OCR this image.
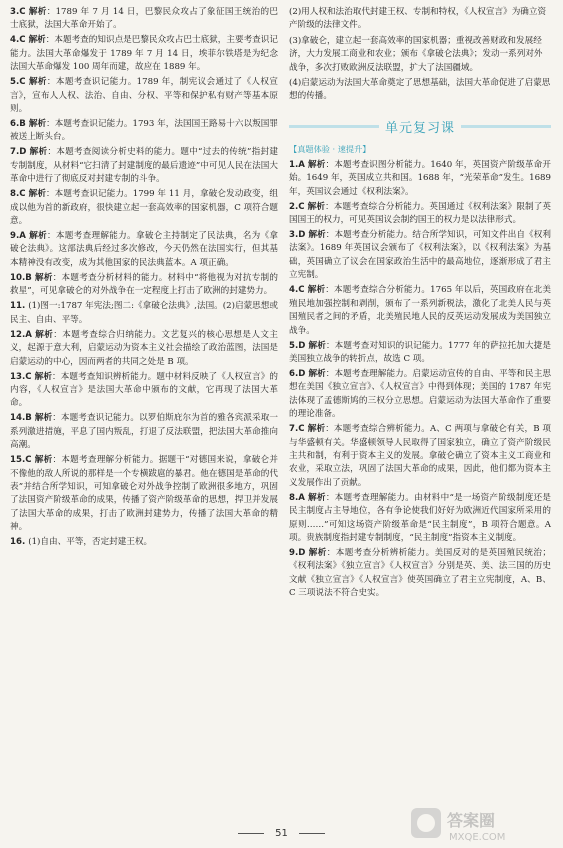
3.C 解析：1789 年 7 月 14 日，巴黎民众攻占了象征国王统治的巴士底狱，法国大革命开始了。
4.C 解析：本题考查的知识点是巴黎民众攻占巴士底狱，主要考查识记能力。法国大革命爆发于 1789 年 7 月 14 日，埃菲尔铁塔是为纪念法国大革命爆发 100 周年而建，故应在 1889 年。
5.C 解析：本题考查识记能力。1789 年，制宪议会通过了《人权宣言》，宣布人人权、法治、自由、分权、平等和保护私有财产等基本原则。
6.B 解析：本题考查识记能力。1793 年，法国国王路易十六以叛国罪被送上断头台。
7.D 解析：本题考查阅读分析史料的能力。题中“过去的传统”指封建专制制度，从材料“它扫清了封建制度的最后遗迹”中可见人民在法国大革命中进行了彻底反对封建专制的斗争。
8.C 解析：本题考查识记能力。1799 年 11 月，拿破仑发动政变，组成以他为首的新政府，很快建立起一套高效率的国家机器，C 项符合题意。
9.A 解析：本题考查理解能力。拿破仑主持制定了民法典，名为《拿破仑法典》。这部法典后经过多次修改，今天仍然在法国实行，但其基本精神没有改变，成为其他国家的民法典蓝本。A 项正确。
10.B 解析：本题考查分析材料的能力。材料中“将他视为对抗专制的救星”，可见拿破仑的对外战争在一定程度上打击了欧洲的封建势力。
11. (1)图一:1787 年宪法;图二:《拿破仑法典》,法国。(2)启蒙思想或民主、自由、平等。
12.A 解析：本题考查综合归纳能力。文艺复兴的核心思想是人文主义，起源于意大利，启蒙运动为资本主义社会描绘了政治蓝图，法国是启蒙运动的中心，因而两者的共同之处是 B 项。
13.C 解析：本题考查知识辨析能力。题中材料反映了《人权宣言》的内容，《人权宣言》是法国大革命中颁布的文献，它再现了法国大革命。
14.B 解析：本题考查识记能力。以罗伯斯庇尔为首的雅各宾派采取一系列激进措施，平息了国内叛乱，打退了反法联盟，把法国大革命推向高潮。
15.C 解析：本题考查理解分析能力。据题干“对德国来说，拿破仑并不像他的敌人所说的那样是一个专横跋扈的暴君。他在德国是革命的代表”并结合所学知识，可知拿破仑对外战争控制了欧洲很多地方，巩固了法国资产阶级革命的成果，传播了资产阶级革命的思想，捍卫并发展了法国大革命的成果，打击了欧洲封建势力，传播了法国大革命的精神。
16. (1)自由、平等，否定封建王权。
(2)用人权和法治取代封建王权、专制和特权，《人权宣言》为确立资产阶级的法律文件。
(3)拿破仑，建立起一套高效率的国家机器；重视改善财政和发展经济，大力发展工商业和农业；颁布《拿破仑法典》；发动一系列对外战争，多次打败欧洲反法联盟，扩大了法国疆域。
(4)启蒙运动为法国大革命奠定了思想基础，法国大革命促进了启蒙思想的传播。
单元复习课
【真题体验 · 速提升】
1.A 解析：本题考查识图分析能力。1640 年，英国资产阶级革命开始。1649 年，英国成立共和国。1688 年，“光荣革命”发生。1689 年，英国议会通过《权利法案》。
2.C 解析：本题考查综合分析能力。英国通过《权利法案》限制了英国国王的权力，可见英国议会制约国王的权力是以法律形式。
3.D 解析：本题考查分析能力。结合所学知识，可知文件出自《权利法案》。1689 年英国议会颁布了《权利法案》，以《权利法案》为基础，英国确立了议会在国家政治生活中的最高地位，逐渐形成了君主立宪制。
4.C 解析：本题考查综合分析能力。1765 年以后，英国政府在北美殖民地加强控制和剥削，颁布了一系列新税法，激化了北美人民与英国殖民者之间的矛盾，北美殖民地人民的反英运动发展成为美国独立战争。
5.D 解析：本题考查对知识的识记能力。1777 年的萨拉托加大捷是美国独立战争的转折点，故选 C 项。
6.D 解析：本题考查理解能力。启蒙运动宣传的自由、平等和民主思想在美国《独立宣言》、《人权宣言》中得到体现；美国的 1787 年宪法体现了孟德斯鸠的三权分立思想。启蒙运动为法国大革命作了重要的理论准备。
7.C 解析：本题考查综合辨析能力。A、C 两项与拿破仑有关，B 项与华盛顿有关。华盛顿领导人民取得了国家独立，确立了资产阶级民主共和制，有利于资本主义的发展。拿破仑确立了资本主义工商业和农业，采取立法，巩固了法国大革命的成果，因此，他们都为资本主义发展作出了贡献。
8.A 解析：本题考查理解能力。由材料中“是一场资产阶级制度还是民主制度占主导地位，各有争论使我们好好为欧洲近代国家所采用的原则……”可知这场资产阶级革命是“民主制度”，B 项符合题意。A 项。贵族制度指封建专制制度，“民主制度”指资本主义制度。
9.D 解析：本题考查分析辨析能力。美国反对的是英国殖民统治；《权利法案》《独立宣言》《人权宣言》分别是英、美、法三国的历史文献《独立宣言》《人权宣言》使英国确立了君主立宪制度，A、B、C 三项说法不符合史实。
51
答案圈
MXQE.COM
